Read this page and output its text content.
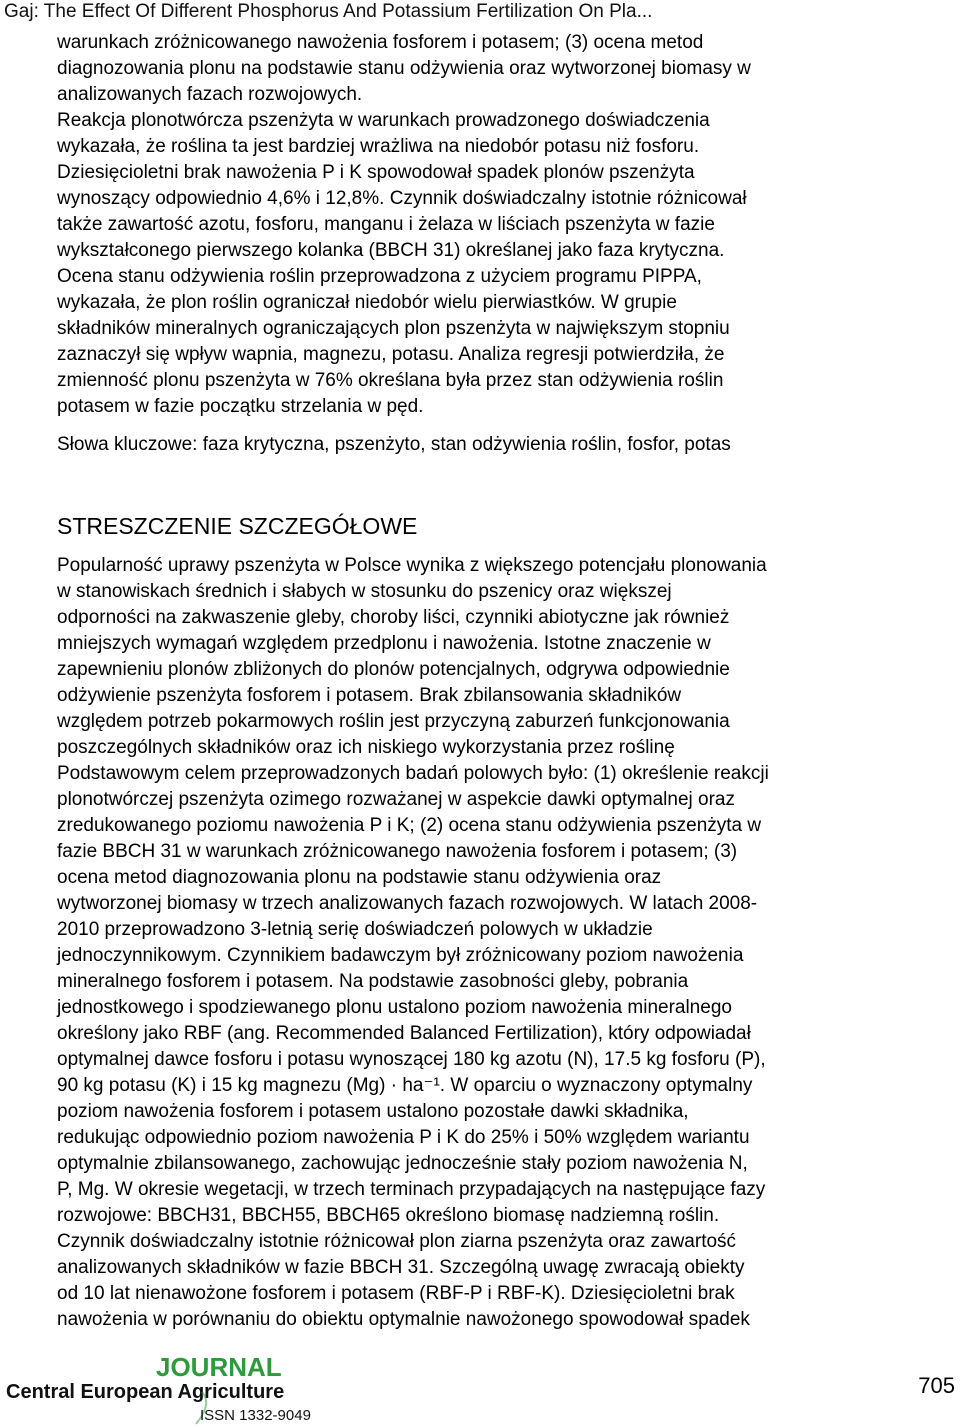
Gaj: The Effect Of Different Phosphorus And Potassium Fertilization On Pla...
warunkach zróżnicowanego nawożenia fosforem i potasem; (3) ocena metod
diagnozowania plonu na podstawie stanu odżywienia oraz wytworzonej biomasy w
analizowanych fazach rozwojowych.
Reakcja plonotwórcza pszenżyta w warunkach prowadzonego doświadczenia
wykazała, że roślina ta jest bardziej wrażliwa na niedobór potasu niż fosforu.
Dziesięcioletni brak nawożenia P i K spowodował spadek plonów pszenżyta
wynoszący odpowiednio 4,6% i 12,8%. Czynnik doświadczalny istotnie różnicował
także zawartość azotu, fosforu, manganu i żelaza w liściach pszenżyta w fazie
wykształconego pierwszego kolanka (BBCH 31) określanej jako faza krytyczna.
Ocena stanu odżywienia roślin przeprowadzona z użyciem programu PIPPA,
wykazała, że plon roślin ograniczał niedobór wielu pierwiastków. W grupie
składników mineralnych ograniczających plon pszenżyta w największym stopniu
zaznaczył się wpływ wapnia, magnezu, potasu. Analiza regresji potwierdziła, że
zmienność plonu pszenżyta w 76% określana była przez stan odżywienia roślin
potasem w fazie początku strzelania w pęd.
Słowa kluczowe: faza krytyczna, pszenżyto, stan odżywienia roślin, fosfor, potas
STRESZCZENIE SZCZEGÓŁOWE
Popularność uprawy pszenżyta w Polsce wynika z większego potencjału plonowania
w stanowiskach średnich i słabych w stosunku do pszenicy oraz większej
odporności na zakwaszenie gleby, choroby liści, czynniki abiotyczne jak również
mniejszych wymagań względem przedplonu i nawożenia. Istotne znaczenie w
zapewnieniu plonów zbliżonych do plonów potencjalnych, odgrywa odpowiednie
odżywienie pszenżyta fosforem i potasem. Brak zbilansowania składników
względem potrzeb pokarmowych roślin jest przyczyną zaburzeń funkcjonowania
poszczególnych składników oraz ich niskiego wykorzystania przez roślinę
Podstawowym celem przeprowadzonych badań polowych było: (1) określenie reakcji
plonotwórczej pszenżyta ozimego rozważanej w aspekcie dawki optymalnej oraz
zredukowanego poziomu nawożenia P i K; (2) ocena stanu odżywienia pszenżyta w
fazie BBCH 31 w warunkach zróżnicowanego nawożenia fosforem i potasem; (3)
ocena metod diagnozowania plonu na podstawie stanu odżywienia oraz
wytworzonej biomasy w trzech analizowanych fazach rozwojowych. W latach 2008-
2010 przeprowadzono 3-letnią serię doświadczeń polowych w układzie
jednoczynnikowym. Czynnikiem badawczym był zróżnicowany poziom nawożenia
mineralnego fosforem i potasem. Na podstawie zasobności gleby, pobrania
jednostkowego i spodziewanego plonu ustalono poziom nawożenia mineralnego
określony jako RBF (ang. Recommended Balanced Fertilization), który odpowiadał
optymalnej dawce fosforu i potasu wynoszącej 180 kg azotu (N), 17.5 kg fosforu (P),
90 kg potasu (K) i 15 kg magnezu (Mg) · ha⁻¹. W oparciu o wyznaczony optymalny
poziom nawożenia fosforem i potasem ustalono pozostałe dawki składnika,
redukując odpowiednio poziom nawożenia P i K do 25% i 50% względem wariantu
optymalnie zbilansowanego, zachowując jednocześnie stały poziom nawożenia N,
P, Mg. W okresie wegetacji, w trzech terminach przypadających na następujące fazy
rozwojowe: BBCH31, BBCH55, BBCH65 określono biomasę nadziemną roślin.
Czynnik doświadczalny istotnie różnicował plon ziarna pszenżyta oraz zawartość
analizowanych składników w fazie BBCH 31. Szczególną uwagę zwracają obiekty
od 10 lat nienawożone fosforem i potasem (RBF-P i RBF-K). Dziesięcioletni brak
nawożenia w porównaniu do obiektu optymalnie nawożonego spowodował spadek
JOURNAL
Central European Agriculture
ISSN 1332-9049
705
